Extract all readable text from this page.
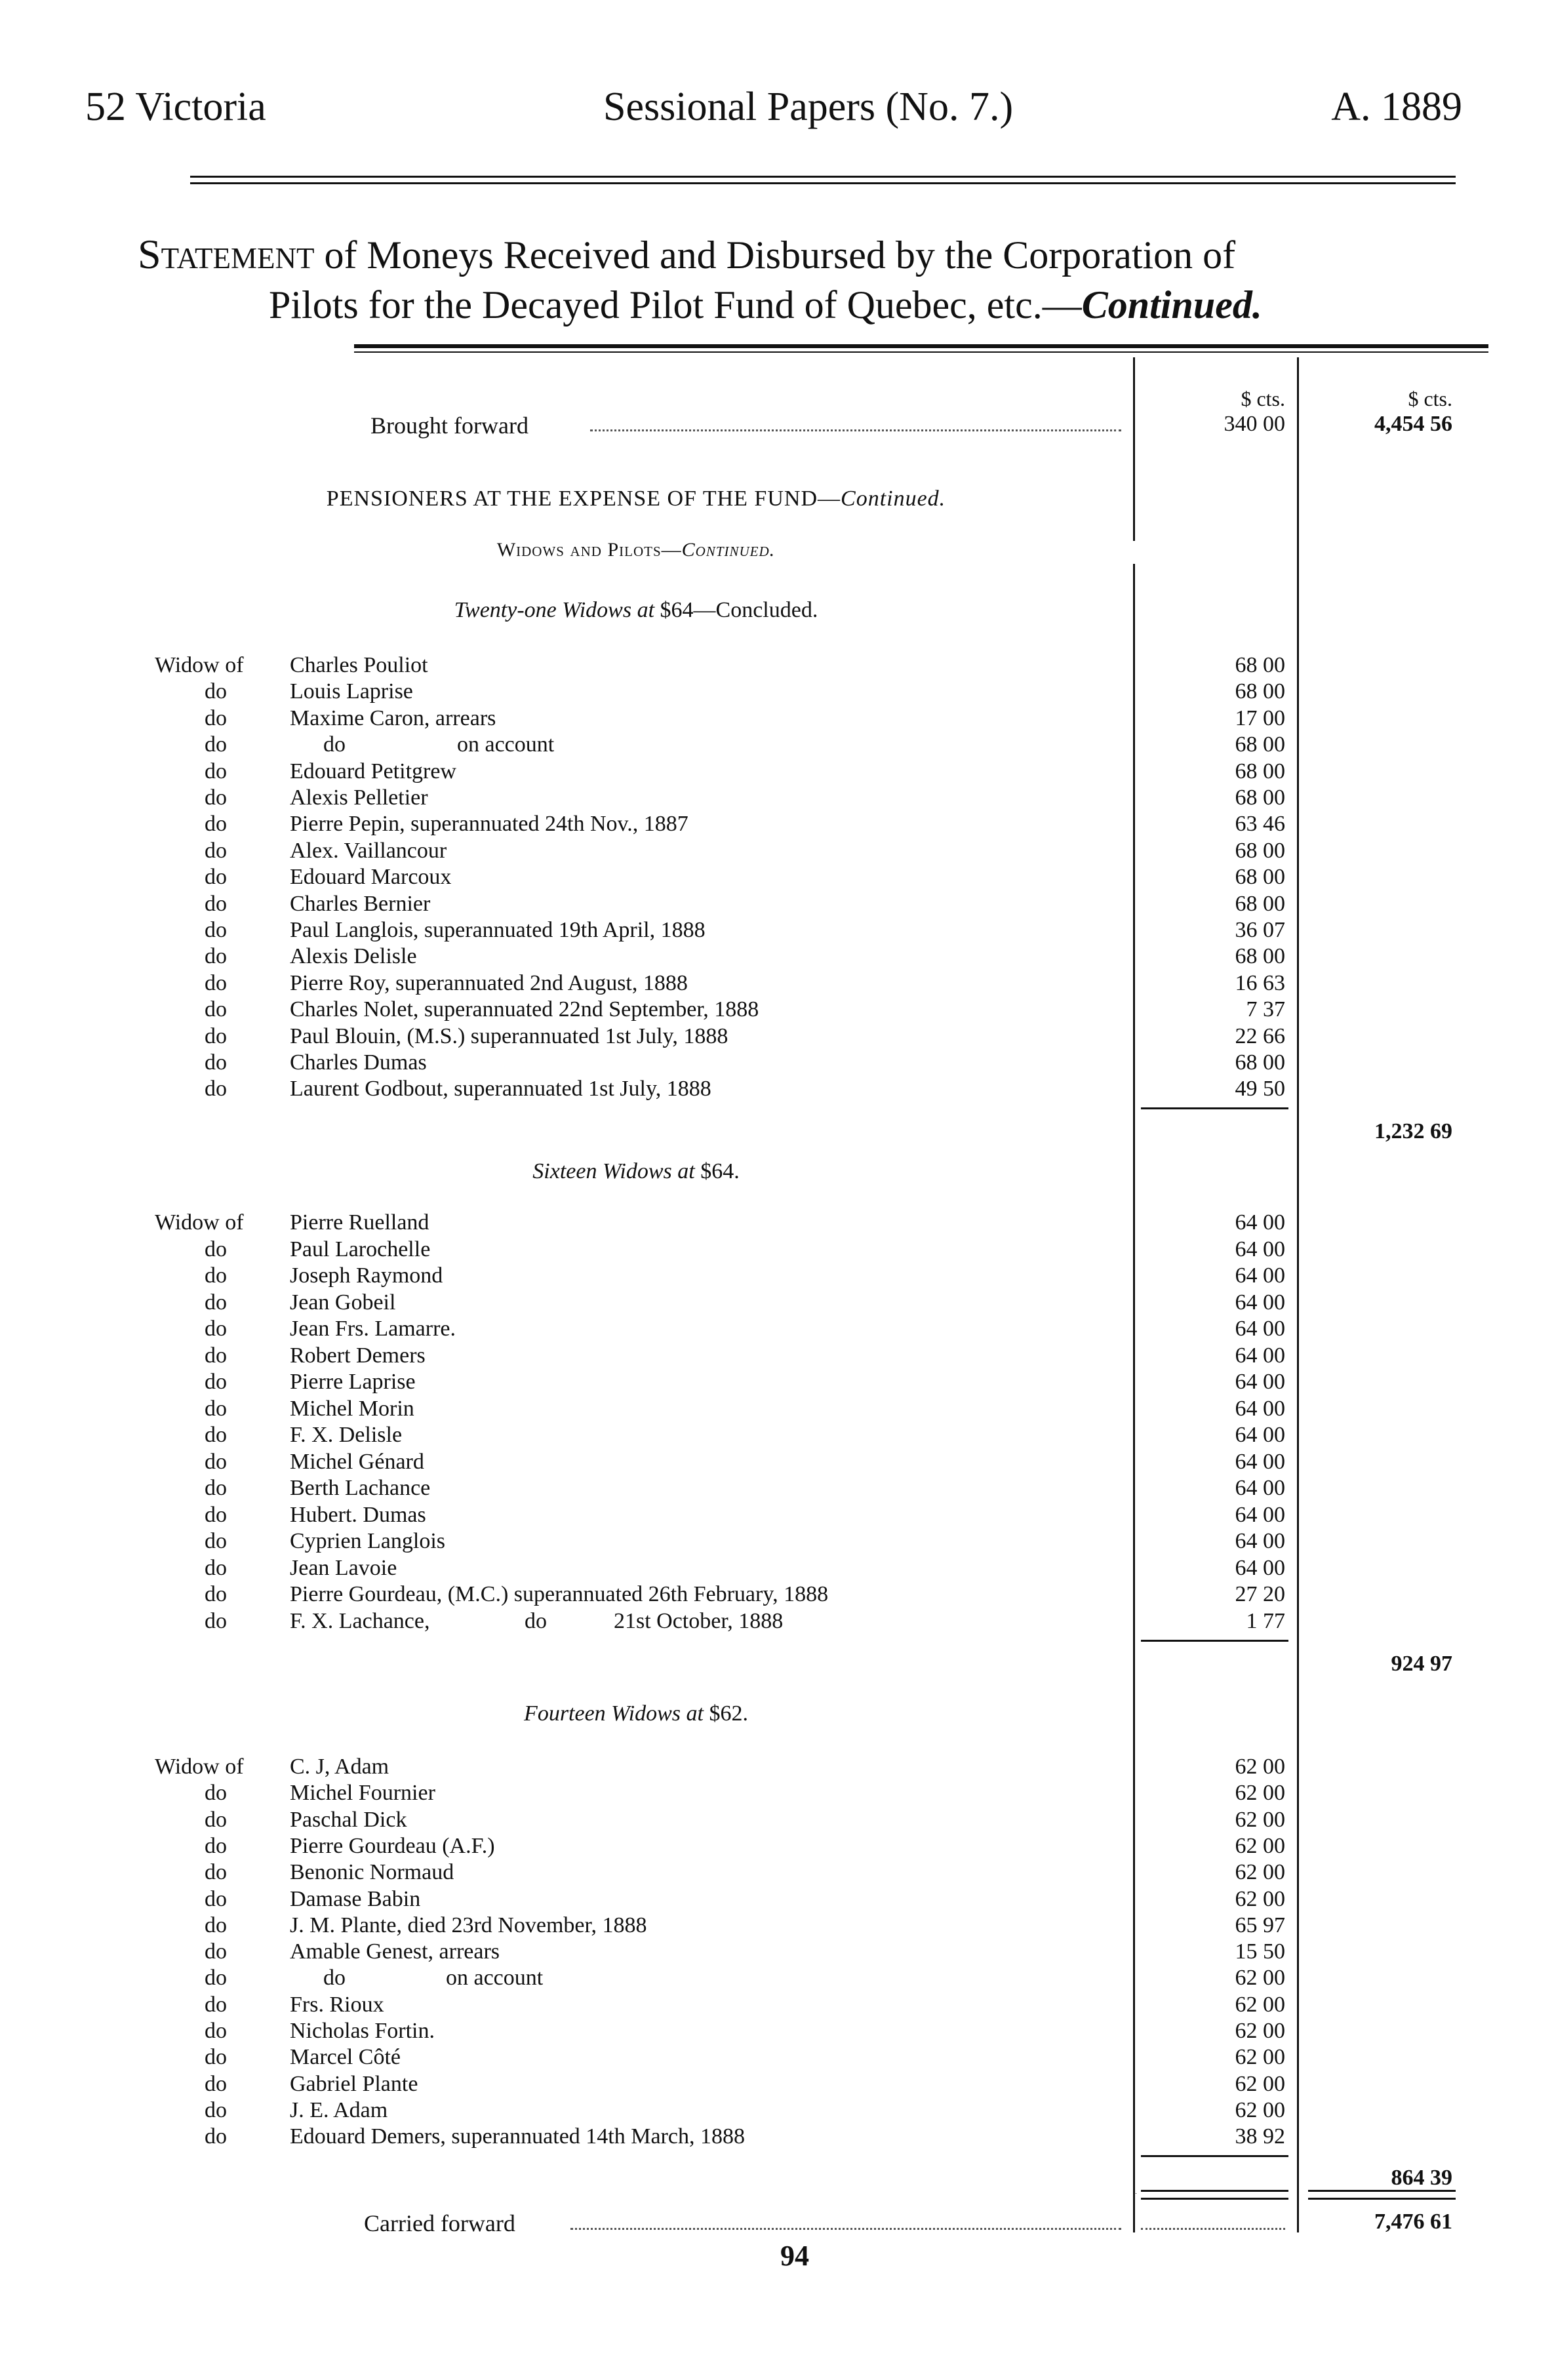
52 Victoria	Sessional Papers (No. 7.)	A. 1889
Statement of Moneys Received and Disbursed by the Corporation of
Pilots for the Decayed Pilot Fund of Quebec, etc.—Continued.
$ cts.	$ cts.
Brought forward	340 00	4,454 56
PENSIONERS AT THE EXPENSE OF THE FUND—Continued.
Widows and Pilots—Continued.
Twenty-one Widows at $64—Concluded.
Widow of Charles Pouliot	68 00
do	Louis Laprise	68 00
do	Maxime Caron, arrears	17 00
do	do                    on account	68 00
do	Edouard Petitgrew	68 00
do	Alexis Pelletier	68 00
do	Pierre Pepin, superannuated 24th Nov., 1887	63 46
do	Alex. Vaillancour	68 00
do	Edouard Marcoux	68 00
do	Charles Bernier	68 00
do	Paul Langlois, superannuated 19th April, 1888	36 07
do	Alexis Delisle	68 00
do	Pierre Roy, superannuated 2nd August, 1888	16 63
do	Charles Nolet, superannuated 22nd September, 1888	7 37
do	Paul Blouin, (M.S.) superannuated 1st July, 1888	22 66
do	Charles Dumas	68 00
do	Laurent Godbout, superannuated 1st July, 1888	49 50
1,232 69
Sixteen Widows at $64.
Widow of Pierre Ruelland	64 00
do	Paul Larochelle	64 00
do	Joseph Raymond	64 00
do	Jean Gobeil	64 00
do	Jean Frs. Lamarre.	64 00
do	Robert Demers	64 00
do	Pierre Laprise	64 00
do	Michel Morin	64 00
do	F. X. Delisle	64 00
do	Michel Génard	64 00
do	Berth Lachance	64 00
do	Hubert. Dumas	64 00
do	Cyprien Langlois	64 00
do	Jean Lavoie	64 00
do	Pierre Gourdeau, (M.C.) superannuated 26th February, 1888	27 20
do	F. X. Lachance,                 do            21st October, 1888	1 77
924 97
Fourteen Widows at $62.
Widow of C. J, Adam	62 00
do	Michel Fournier	62 00
do	Paschal Dick	62 00
do	Pierre Gourdeau (A.F.)	62 00
do	Benonic Normaud	62 00
do	Damase Babin	62 00
do	J. M. Plante, died 23rd November, 1888	65 97
do	Amable Genest, arrears	15 50
do	do                  on account	62 00
do	Frs. Rioux	62 00
do	Nicholas Fortin.	62 00
do	Marcel Côté	62 00
do	Gabriel Plante	62 00
do	J. E. Adam	62 00
do	Edouard Demers, superannuated 14th March, 1888	38 92
864 39
Carried forward	7,476 61
94
